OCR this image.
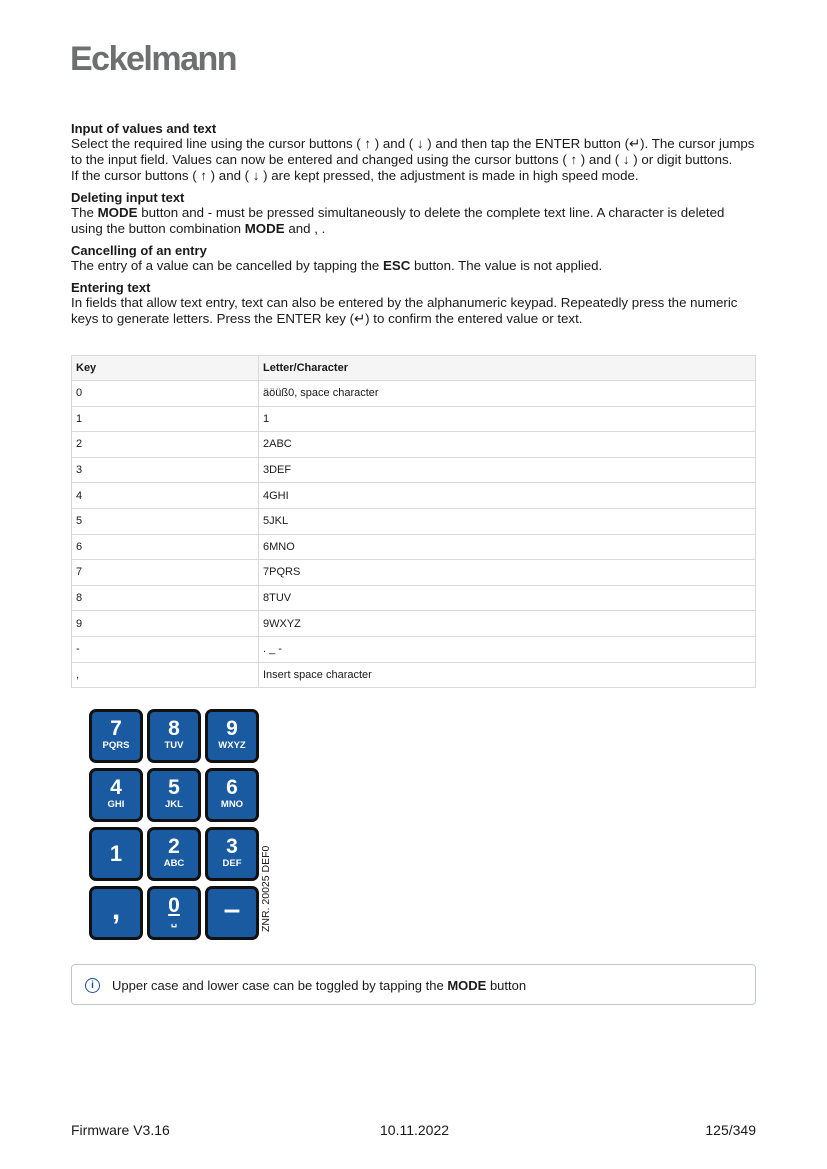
Eckelmann
Input of values and text

Select the required line using the cursor buttons ( ↑ ) and ( ↓ ) and then tap the ENTER button (↵). The cursor jumps to the input field. Values can now be entered and changed using the cursor buttons ( ↑ ) and ( ↓ ) or digit buttons.

If the cursor buttons ( ↑ ) and ( ↓ ) are kept pressed, the adjustment is made in high speed mode.

Deleting input text

The MODE button and - must be pressed simultaneously to delete the complete text line. A character is deleted using the button combination MODE and , .

Cancelling of an entry

The entry of a value can be cancelled by tapping the ESC button. The value is not applied.

Entering text

In fields that allow text entry, text can also be entered by the alphanumeric keypad. Repeatedly press the numeric keys to generate letters. Press the ENTER key (↵) to confirm the entered value or text.

Key	Letter/Character
0	äöüß0, space character
1	1
2	2ABC
3	3DEF
4	4GHI
5	5JKL
6	6MNO
7	7PQRS
8	8TUV
9	9WXYZ
-	. _ -
,	Insert space character
7
PQRS
8
TUV
9
WXYZ
4
GHI
5
JKL
6
MNO
1	2
ABC
3
DEF
,	0
␣	–	ZNR. 20025 DEF0
i	Upper case and lower case can be toggled by tapping the MODE button
Firmware V3.16	10.11.2022	125/349
